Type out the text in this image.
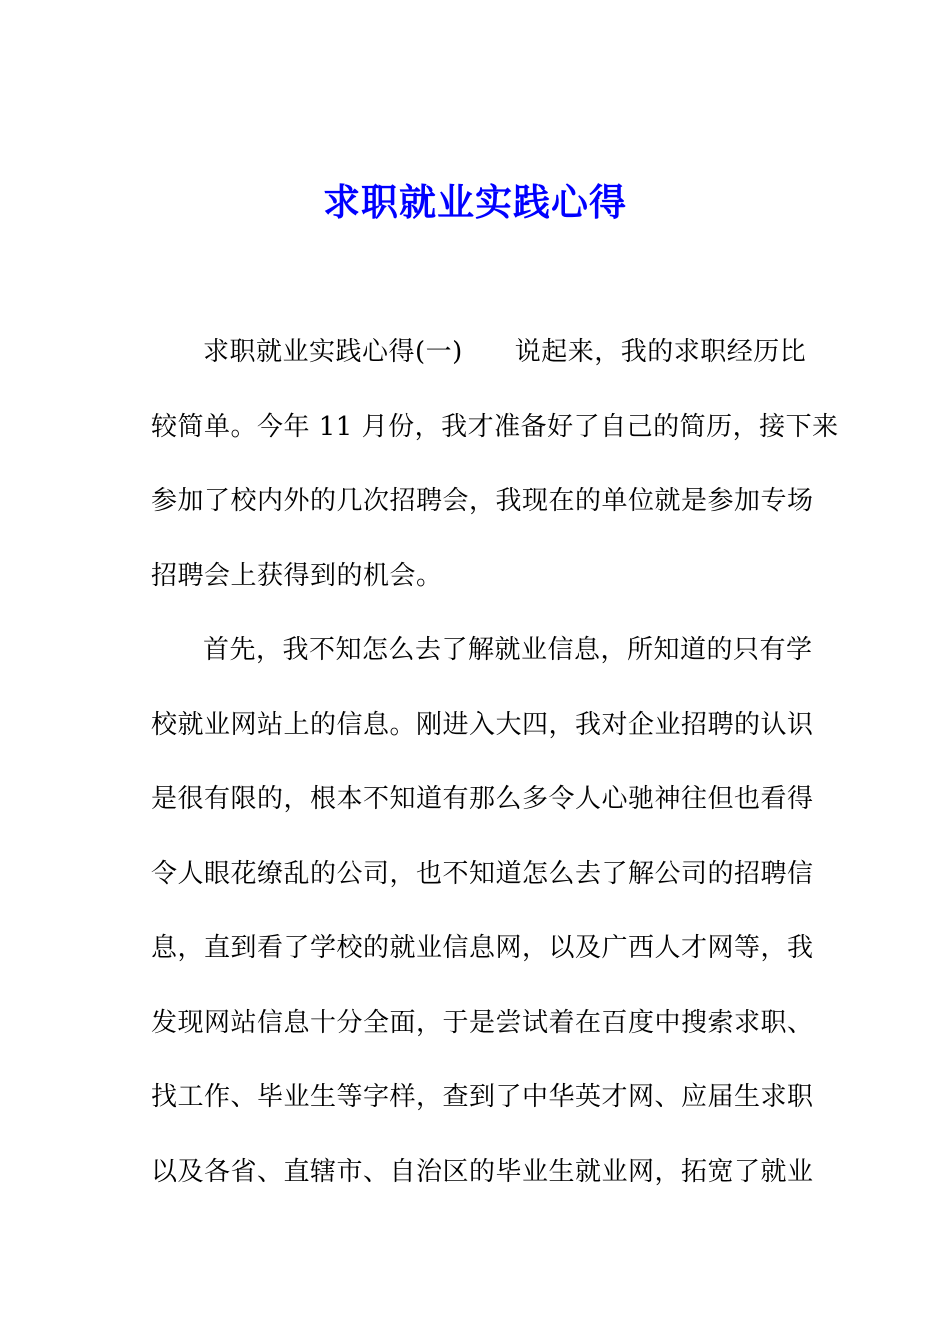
求职就业实践心得
求职就业实践心得(一) 说起来，我的求职经历比
较简单。今年 11 月份，我才准备好了自己的简历，接下来
参加了校内外的几次招聘会，我现在的单位就是参加专场
招聘会上获得到的机会。
首先，我不知怎么去了解就业信息，所知道的只有学
校就业网站上的信息。刚进入大四，我对企业招聘的认识
是很有限的，根本不知道有那么多令人心驰神往但也看得
令人眼花缭乱的公司，也不知道怎么去了解公司的招聘信
息，直到看了学校的就业信息网，以及广西人才网等，我
发现网站信息十分全面，于是尝试着在百度中搜索求职、
找工作、毕业生等字样，查到了中华英才网、应届生求职
以及各省、直辖市、自治区的毕业生就业网，拓宽了就业
